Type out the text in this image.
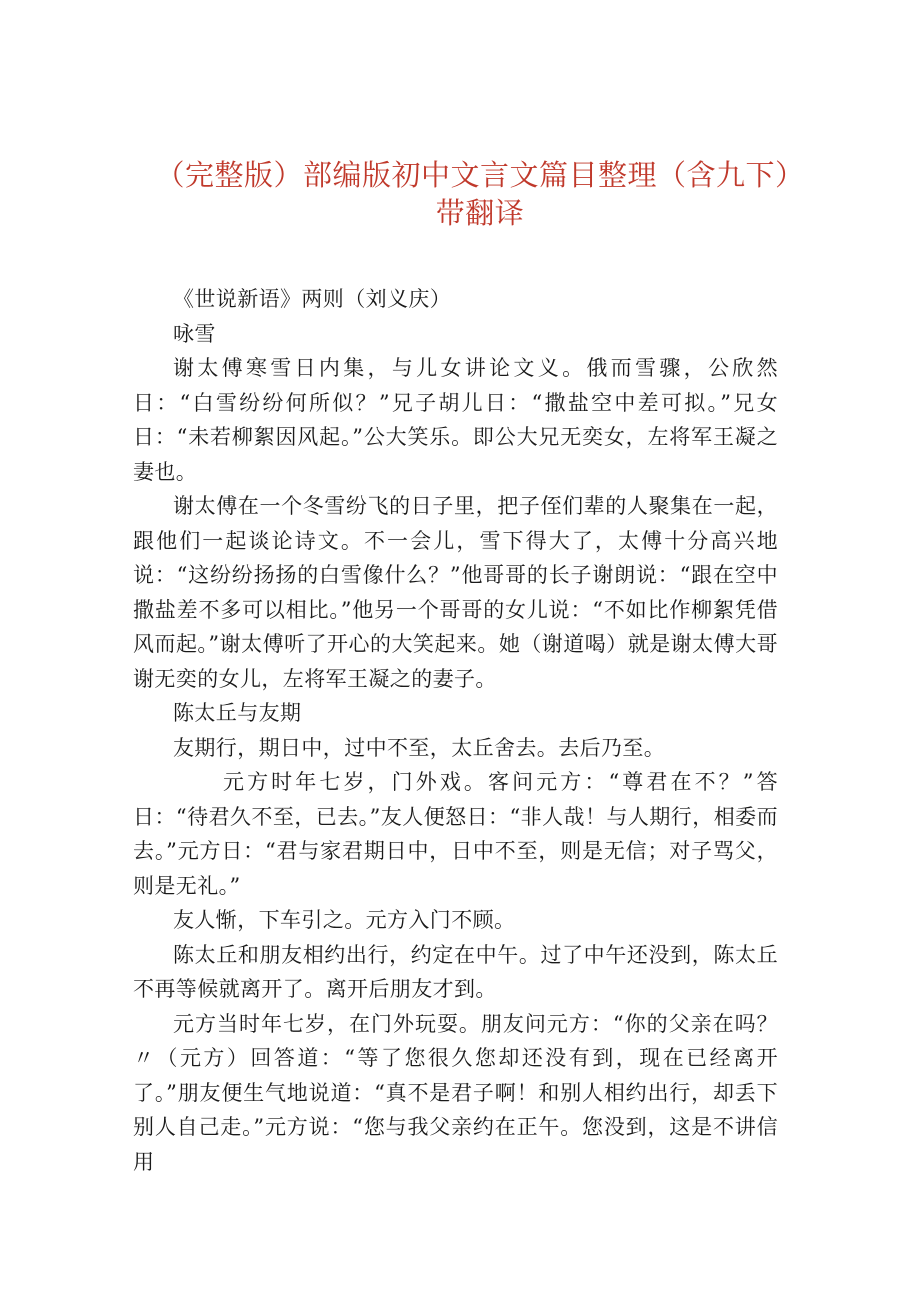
（完整版）部编版初中文言文篇目整理（含九下）带翻译

《世说新语》两则（刘义庆）

咏雪

谢太傅寒雪日内集，与儿女讲论文义。俄而雪骤，公欣然日：“白雪纷纷何所似？”兄子胡儿日：“撒盐空中差可拟。”兄女日：“未若柳絮因风起。”公大笑乐。即公大兄无奕女，左将军王凝之妻也。

谢太傅在一个冬雪纷飞的日子里，把子侄们辈的人聚集在一起，跟他们一起谈论诗文。不一会儿，雪下得大了，太傅十分高兴地说：“这纷纷扬扬的白雪像什么？”他哥哥的长子谢朗说：“跟在空中撒盐差不多可以相比。”他另一个哥哥的女儿说：“不如比作柳絮凭借风而起。”谢太傅听了开心的大笑起来。她（谢道喝）就是谢太傅大哥谢无奕的女儿，左将军王凝之的妻子。

陈太丘与友期

友期行，期日中，过中不至，太丘舍去。去后乃至。

元方时年七岁，门外戏。客问元方：“尊君在不？”答日：“待君久不至，已去。”友人便怒日：“非人哉！与人期行，相委而去。”元方日：“君与家君期日中，日中不至，则是无信；对子骂父，则是无礼。”

友人惭，下车引之。元方入门不顾。

陈太丘和朋友相约出行，约定在中午。过了中午还没到，陈太丘不再等候就离开了。离开后朋友才到。

元方当时年七岁，在门外玩耍。朋友问元方：“你的父亲在吗？〃（元方）回答道：“等了您很久您却还没有到，现在已经离开了。”朋友便生气地说道：“真不是君子啊！和别人相约出行，却丢下别人自己走。”元方说：“您与我父亲约在正午。您没到，这是不讲信用
